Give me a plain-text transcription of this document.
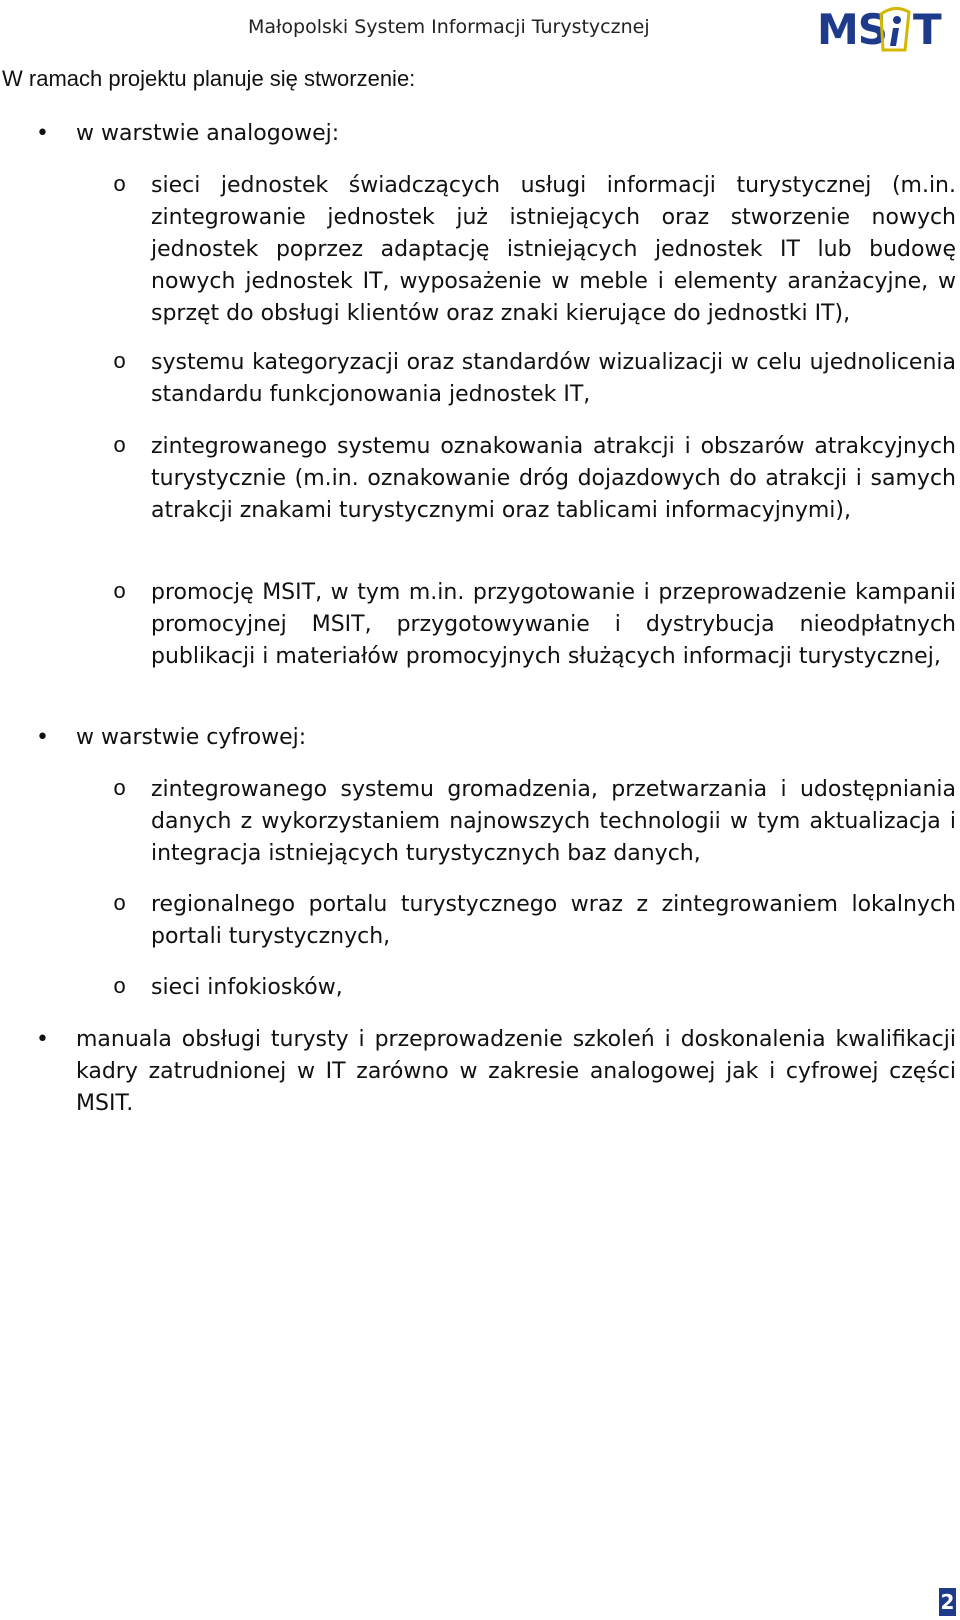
Małopolski System Informacji Turystycznej	MS T
W ramach projektu planuje się stworzenie:
• w warstwie analogowej:
o sieci jednostek świadczących usługi informacji turystycznej (m.in. zintegrowanie jednostek już istniejących oraz stworzenie nowych jednostek poprzez adaptację istniejących jednostek IT lub budowę nowych jednostek IT, wyposażenie w meble i elementy aranżacyjne, w sprzęt do obsługi klientów oraz znaki kierujące do jednostki IT),
o systemu kategoryzacji oraz standardów wizualizacji w celu ujednolicenia standardu funkcjonowania jednostek IT,
o zintegrowanego systemu oznakowania atrakcji i obszarów atrakcyjnych turystycznie (m.in. oznakowanie dróg dojazdowych do atrakcji i samych atrakcji znakami turystycznymi oraz tablicami informacyjnymi),
o promocję MSIT, w tym m.in. przygotowanie i przeprowadzenie kampanii promocyjnej MSIT, przygotowywanie i dystrybucja nieodpłatnych publikacji i materiałów promocyjnych służących informacji turystycznej,
• w warstwie cyfrowej:
o zintegrowanego systemu gromadzenia, przetwarzania i udostępniania danych z wykorzystaniem najnowszych technologii w tym aktualizacja i integracja istniejących turystycznych baz danych,
o regionalnego portalu turystycznego wraz z zintegrowaniem lokalnych portali turystycznych,
o sieci infokiosków,
• manuala obsługi turysty i przeprowadzenie szkoleń i doskonalenia kwalifikacji kadry zatrudnionej w IT zarówno w zakresie analogowej jak i cyfrowej części MSIT.
2
